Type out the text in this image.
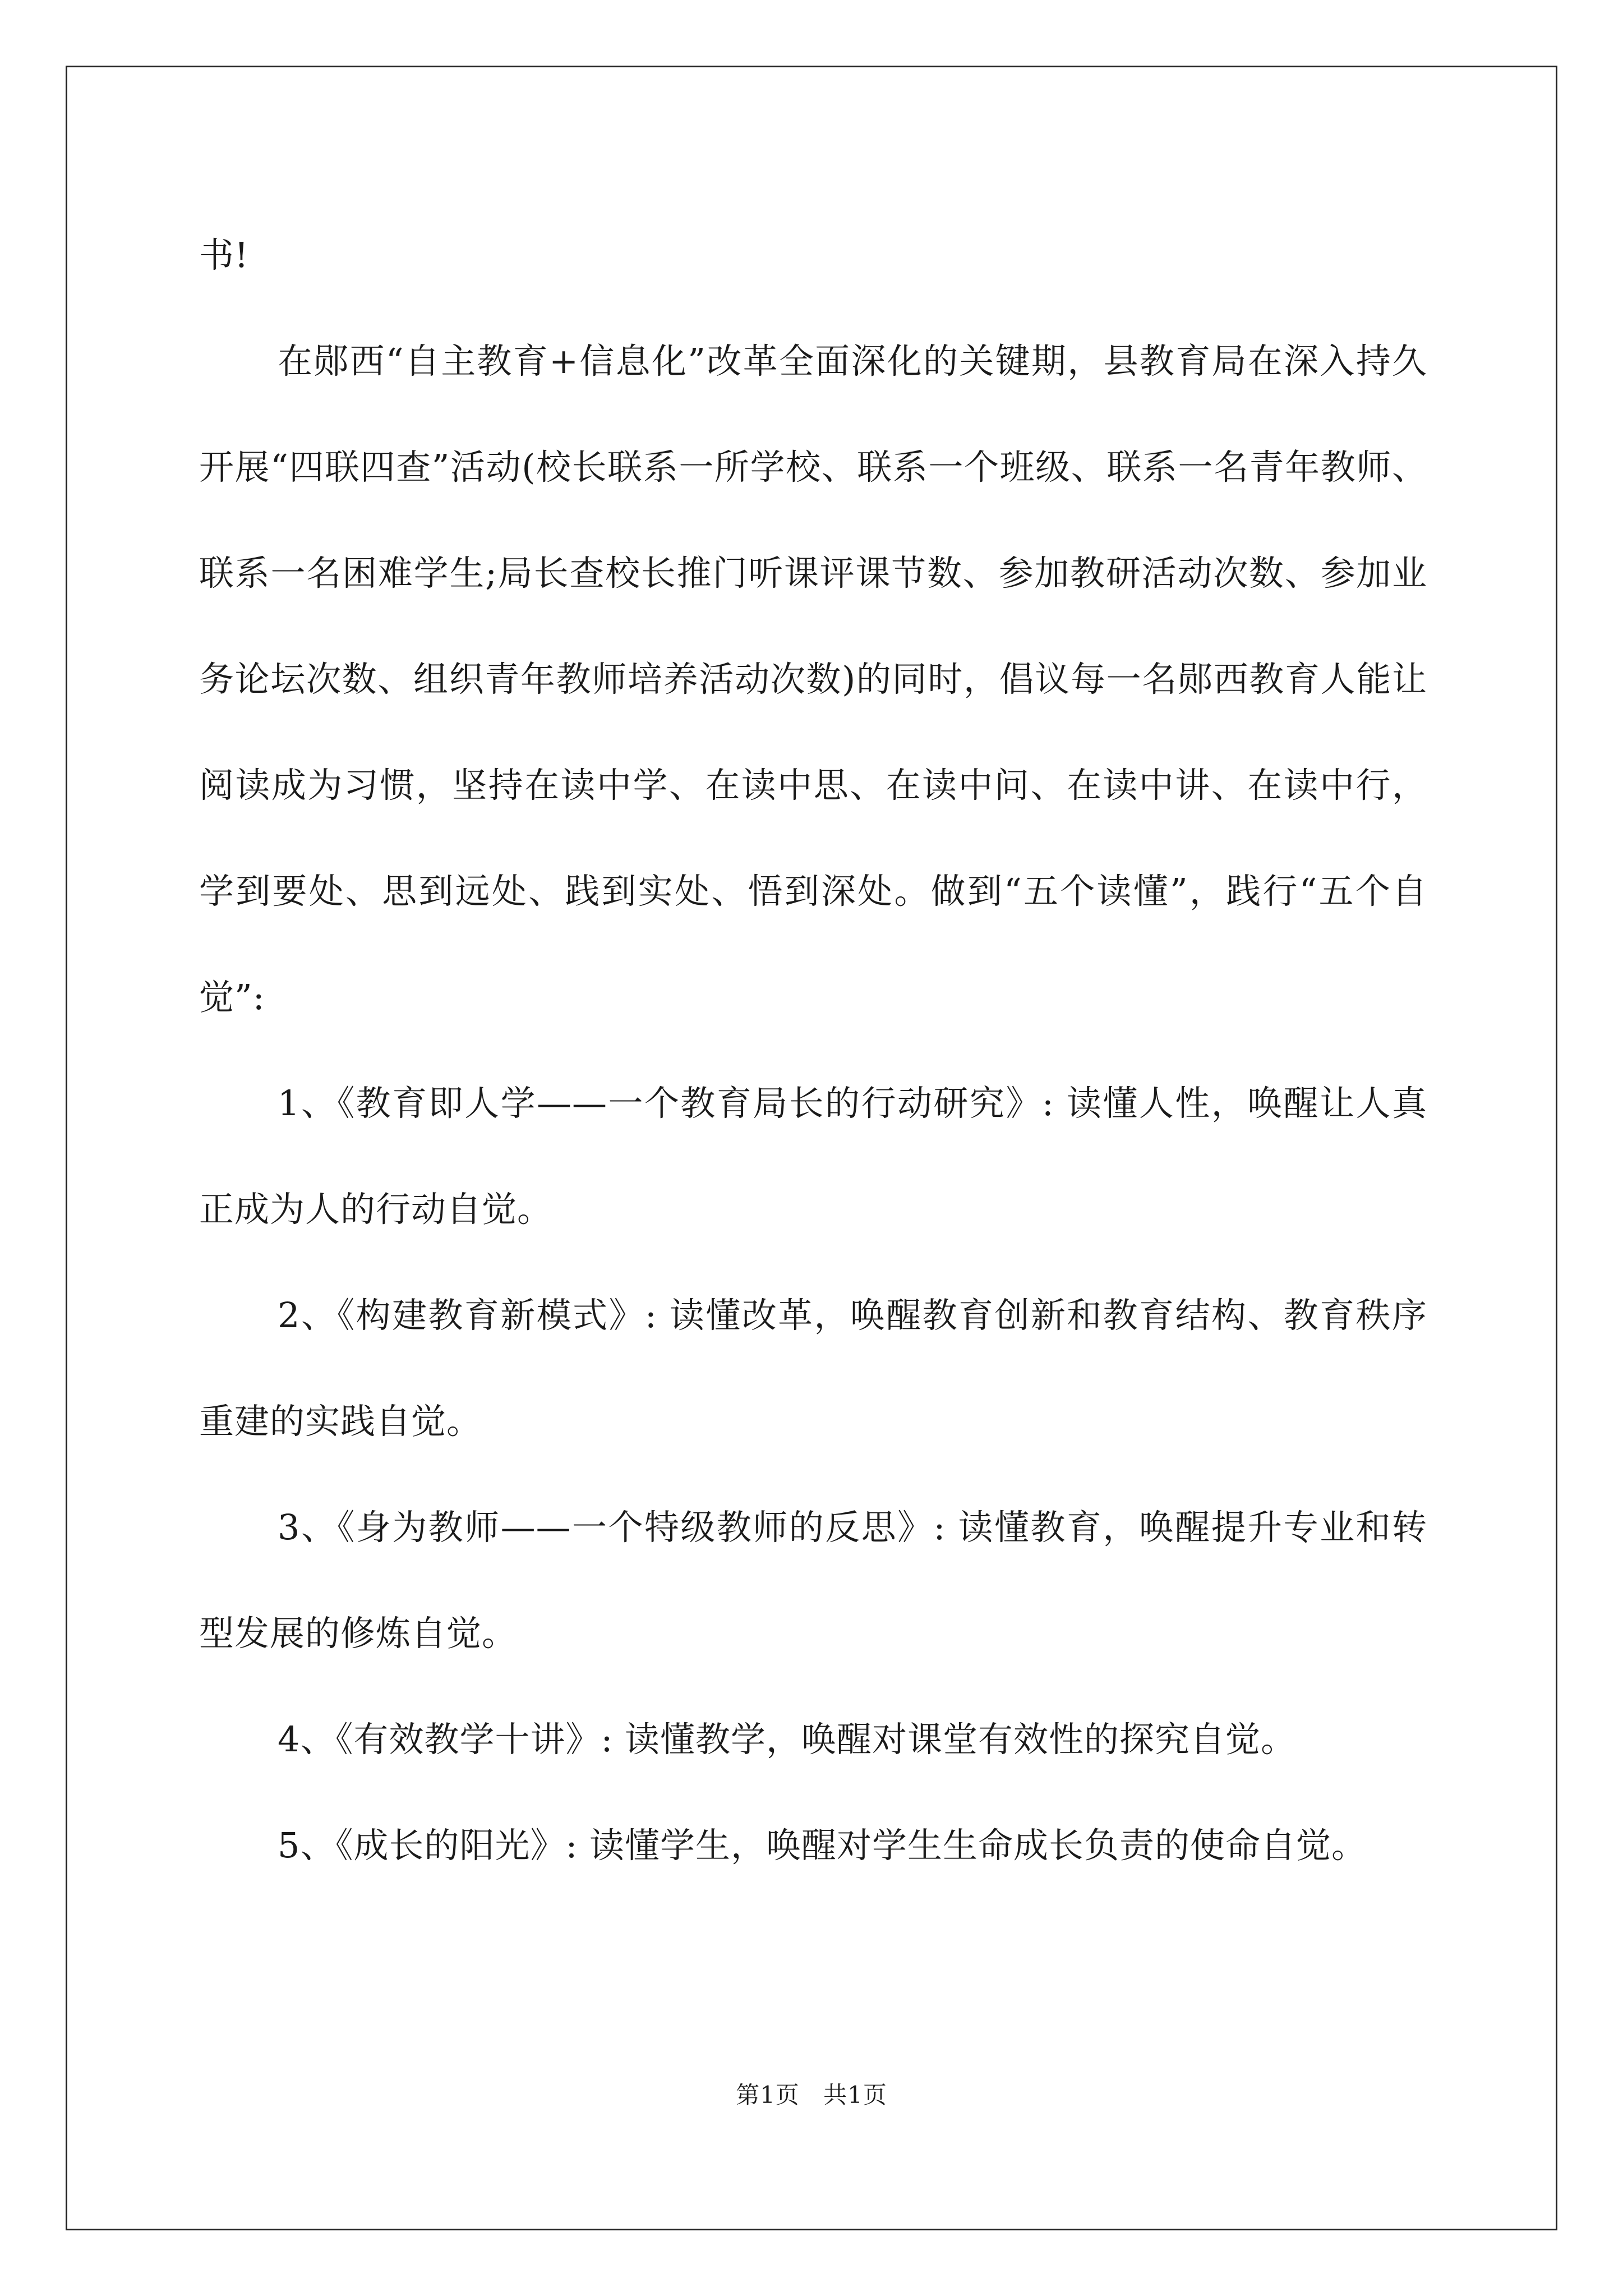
书!

在郧西“自主教育+信息化”改革全面深化的关键期，县教育局在深入持久开展“四联四查”活动(校长联系一所学校、联系一个班级、联系一名青年教师、联系一名困难学生;局长查校长推门听课评课节数、参加教研活动次数、参加业务论坛次数、组织青年教师培养活动次数)的同时，倡议每一名郧西教育人能让阅读成为习惯，坚持在读中学、在读中思、在读中问、在读中讲、在读中行，学到要处、思到远处、践到实处、悟到深处。做到“五个读懂”，践行“五个自觉”:

1、《教育即人学——一个教育局长的行动研究》: 读懂人性，唤醒让人真正成为人的行动自觉。

2、《构建教育新模式》: 读懂改革，唤醒教育创新和教育结构、教育秩序重建的实践自觉。

3、《身为教师——一个特级教师的反思》: 读懂教育，唤醒提升专业和转型发展的修炼自觉。

4、《有效教学十讲》: 读懂教学，唤醒对课堂有效性的探究自觉。

5、《成长的阳光》: 读懂学生，唤醒对学生生命成长负责的使命自觉。

第1页 共1页
